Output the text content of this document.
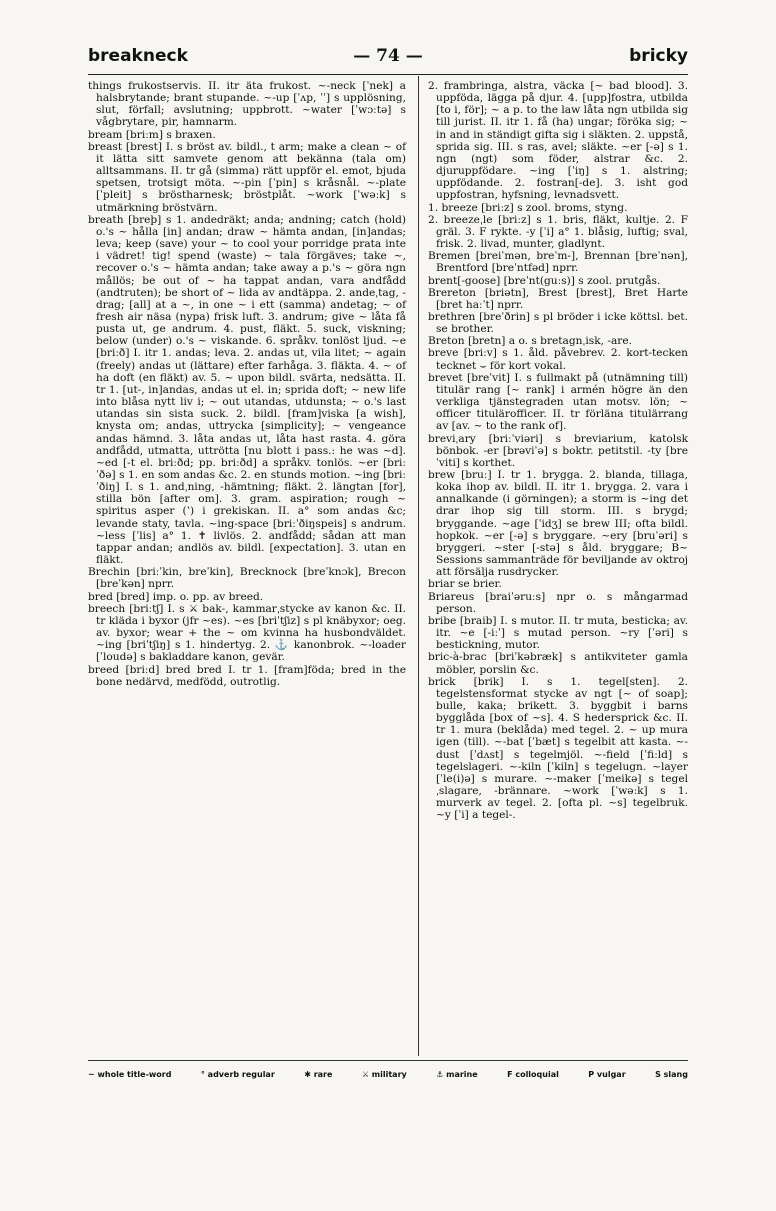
breakneck	— 74 —	bricky

things frukostservis. II. itr äta frukost. ~-neck [ˈnek] a halsbrytande; brant stupande. ~-up [ˈʌp, ˈˈ] s upplösning, slut, förfall; avslutning; uppbrott. ~water [ˈwɔːtə] s vågbrytare, pir, hamnarm.

bream [briːm] s braxen.

breast [brest] I. s bröst av. bildl., t arm; make a clean ~ of it lätta sitt samvete genom att bekänna (tala om) alltsammans. II. tr gå (simma) rätt uppför el. emot, bjuda spetsen, trotsigt möta. ~-pin [ˈpin] s kråsnål. ~-plate [ˈpleit] s bröstharnesk; bröstplåt. ~work [ˈwəːk] s utmärkning bröstvärn.

breath [breþ] s 1. andedräkt; anda; andning; catch (hold) o.'s ~ hålla [in] andan; draw ~ hämta andan, [in]andas; leva; keep (save) your ~ to cool your porridge prata inte i vädret! tig! spend (waste) ~ tala förgäves; take ~, recover o.'s ~ hämta andan; take away a p.'s ~ göra ngn mållös; be out of ~ ha tappat andan, vara andfådd (andtruten); be short of ~ lida av andtäppa. 2. andeˌtag, -drag; [all] at a ~, in one ~ i ett (samma) andetag; ~ of fresh air näsa (nypa) frisk luft. 3. andrum; give ~ låta få pusta ut, ge andrum. 4. pust, fläkt. 5. suck, viskning; below (under) o.'s ~ viskande. 6. språkv. tonlöst ljud. ~e [briːð] I. itr 1. andas; leva. 2. andas ut, vila litet; ~ again (freely) andas ut (lättare) efter farhåga. 3. fläkta. 4. ~ of ha doft (en fläkt) av. 5. ~ upon bildl. svärta, nedsätta. II. tr 1. [ut-, in]andas, andas ut el. in; sprida doft; ~ new life into blåsa nytt liv i; ~ out utandas, utdunsta; ~ o.'s last utandas sin sista suck. 2. bildl. [fram]viska [a wish], knysta om; andas, uttrycka [simplicity]; ~ vengeance andas hämnd. 3. låta andas ut, låta hast rasta. 4. göra andfådd, utmatta, uttrötta [nu blott i pass.: he was ~d]. ~ed [-t el. briːðd; pp. briːðd] a språkv. tonlös. ~er [briːˈðə] s 1. en som andas &c. 2. en stunds motion. ~ing [briːˈðiŋ] I. s 1. andˌning, -hämtning; fläkt. 2. längtan [for], stilla bön [after om]. 3. gram. aspiration; rough ~ spiritus asper (ʽ) i grekiskan. II. a° som andas &c; levande staty, tavla. ~ing-space [briːˈðiŋspeis] s andrum. ~less [ˈlis] a° 1. ✝ livlös. 2. andfådd; sådan att man tappar andan; andlös av. bildl. [expectation]. 3. utan en fläkt.

Brechin [briːˈkin, breˈkin], Brecknock [breˈknɔk], Brecon [breˈkən] nprr.

bred [bred] imp. o. pp. av breed.

breech [briːtʃ] I. s ⚔ bak-, kammarˌstycke av kanon &c. II. tr kläda i byxor (jfr ~es). ~es [briˈtʃiz] s pl knäbyxor; oeg. av. byxor; wear + the ~ om kvinna ha husbondväldet. ~ing [briˈtʃiŋ] s 1. hindertyg. 2. ⚓ kanonbrok. ~-loader [ˈloudə] s bakladdare kanon, gevär.

breed [briːd] bred bred I. tr 1. [fram]föda; bred in the bone nedärvd, medfödd, outrotlig.

2. frambringa, alstra, väcka [~ bad blood]. 3. uppföda, lägga på djur. 4. [upp]fostra, utbilda [to i, för]; ~ a p. to the law låta ngn utbilda sig till jurist. II. itr 1. få (ha) ungar; föröka sig; ~ in and in ständigt gifta sig i släkten. 2. uppstå, sprida sig. III. s ras, avel; släkte. ~er [-ə] s 1. ngn (ngt) som föder, alstrar &c. 2. djuruppfödare. ~ing [ˈiŋ] s 1. alstring; uppfödande. 2. fostran[-de]. 3. isht god uppfostran, hyfsning, levnadsvett.

1. breeze [briːz] s zool. broms, styng.

2. breezeˌle [briːz] s 1. bris, fläkt, kultje. 2. F gräl. 3. F rykte. -y [ˈi] a° 1. blåsig, luftig; sval, frisk. 2. livad, munter, gladlynt.

Bremen [breiˈmən, breˈm-], Brennan [breˈnən], Brentford [breˈntfəd] nprr.

brent[-goose] [breˈnt(guːs)] s zool. prutgås.

Brereton [briətn], Brest [brest], Bret Harte [bret haːˈt] nprr.

brethren [breˈðrin] s pl bröder i icke köttsl. bet. se brother.

Breton [bretn] a o. s bretagnˌisk, -are.

breve [briːv] s 1. åld. påvebrev. 2. kort-tecken tecknet ⌣ för kort vokal.

brevet [breˈvit] I. s fullmakt på (utnämning till) titulär rang [~ rank] i armén högre än den verkliga tjänstegraden utan motsv. lön; ~ officer titulärofficer. II. tr förläna titulärrang av [av. ~ to the rank of].

breviˌary [briːˈviəri] s breviarium, katolsk bönbok. -er [brəviˈə] s boktr. petitstil. -ty [breˈviti] s korthet.

brew [bruː] I. tr 1. brygga. 2. blanda, tillaga, koka ihop av. bildl. II. itr 1. brygga. 2. vara i annalkande (i görningen); a storm is ~ing det drar ihop sig till storm. III. s brygd; bryggande. ~age [ˈidʒ] se brew III; ofta bildl. hopkok. ~er [-ə] s bryggare. ~ery [bruˈəri] s bryggeri. ~ster [-stə] s åld. bryggare; B~ Sessions sammanträde för beviljande av oktroj att försälja rusdrycker.

briar se brier.

Briareus [braiˈəruːs] npr o. s mångarmad person.

bribe [braib] I. s mutor. II. tr muta, besticka; av. itr. ~e [-iːˈ] s mutad person. ~ry [ˈəri] s bestickning, mutor.

bric-à-brac [briˈkəbræk] s antikviteter gamla möbler, porslin &c.

brick [brik] I. s 1. tegel[sten]. 2. tegelstensformat stycke av ngt [~ of soap]; bulle, kaka; brikett. 3. byggbit i barns bygglåda [box of ~s]. 4. S hedersprick &c. II. tr 1. mura (beklåda) med tegel. 2. ~ up mura igen (till). ~-bat [ˈbæt] s tegelbit att kasta. ~-dust [ˈdʌst] s tegelmjöl. ~-field [ˈfiːld] s tegelslageri. ~-kiln [ˈkiln] s tegelugn. ~layer [ˈle(i)ə] s murare. ~-maker [ˈmeikə] s tegelˌslagare, -brännare. ~work [ˈwəːk] s 1. murverk av tegel. 2. [ofta pl. ~s] tegelbruk. ~y [ˈi] a tegel-.

~ whole title-word	° adverb regular	✱ rare	⚔ military	⚓ marine	F colloquial	P vulgar	S slang
